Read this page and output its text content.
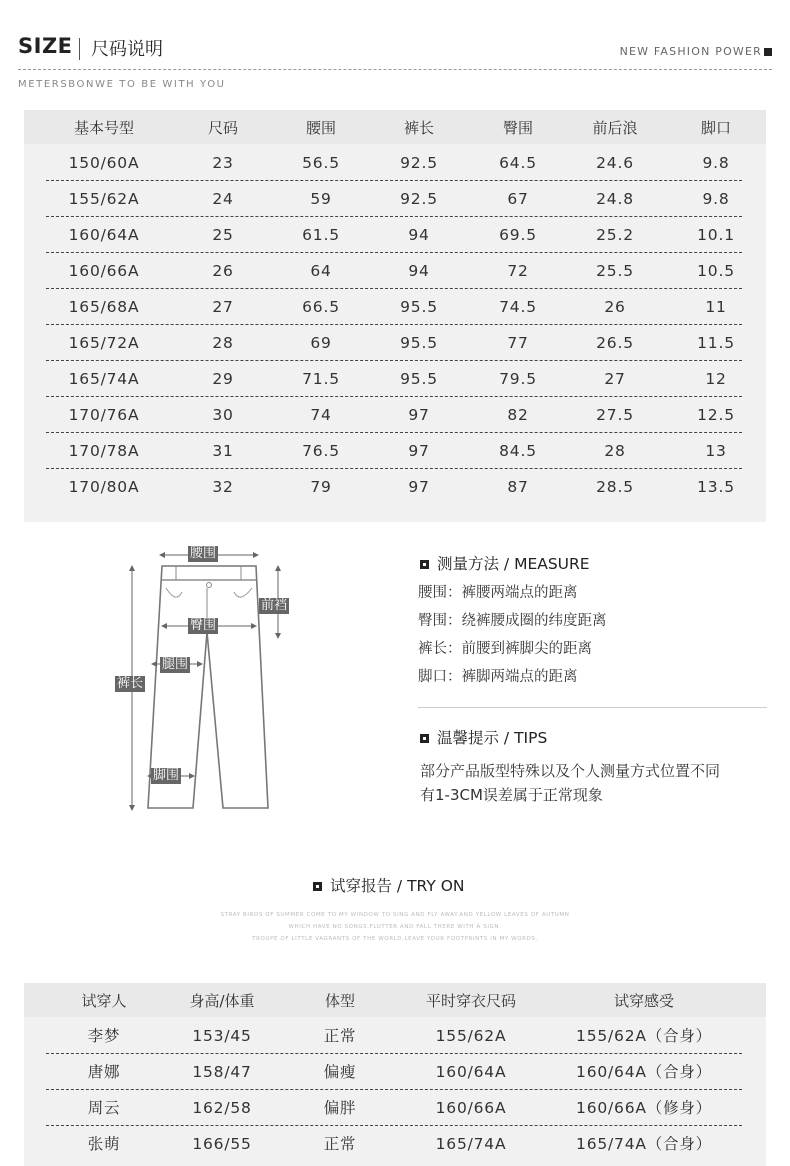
SIZE 尺码说明	NEW FASHION POWER
METERSBONWE TO BE WITH YOU
基本号型	尺码	腰围	裤长	臀围	前后浪	脚口
150/60A	23	56.5	92.5	64.5	24.6	9.8
155/62A	24	59	92.5	67	24.8	9.8
160/64A	25	61.5	94	69.5	25.2	10.1
160/66A	26	64	94	72	25.5	10.5
165/68A	27	66.5	95.5	74.5	26	11
165/72A	28	69	95.5	77	26.5	11.5
165/74A	29	71.5	95.5	79.5	27	12
170/76A	30	74	97	82	27.5	12.5
170/78A	31	76.5	97	84.5	28	13
170/80A	32	79	97	87	28.5	13.5
腰围
前裆
臀围
腿围
裤长
脚围
测量方法 / MEASURE
腰围：裤腰两端点的距离
臀围：绕裤腰成圈的纬度距离
裤长：前腰到裤脚尖的距离
脚口：裤脚两端点的距离
温馨提示 / TIPS
部分产品版型特殊以及个人测量方式位置不同
有1-3CM误差属于正常现象
试穿报告 / TRY ON
STRAY BIRDS OF SUMMER COME TO MY WINDOW TO SING AND FLY AWAY.AND YELLOW LEAVES OF AUTUMN
WHICH HAVE NO SONGS,FLUTTER AND FALL THERE WITH A SIGN.
TROUPE OF LITTLE VAGRANTS OF THE WORLD,LEAVE YOUR FOOTPRINTS IN MY WORDS.
试穿人	身高/体重	体型	平时穿衣尺码	试穿感受
李梦	153/45	正常	155/62A	155/62A（合身）
唐娜	158/47	偏瘦	160/64A	160/64A（合身）
周云	162/58	偏胖	160/66A	160/66A（修身）
张萌	166/55	正常	165/74A	165/74A（合身）
